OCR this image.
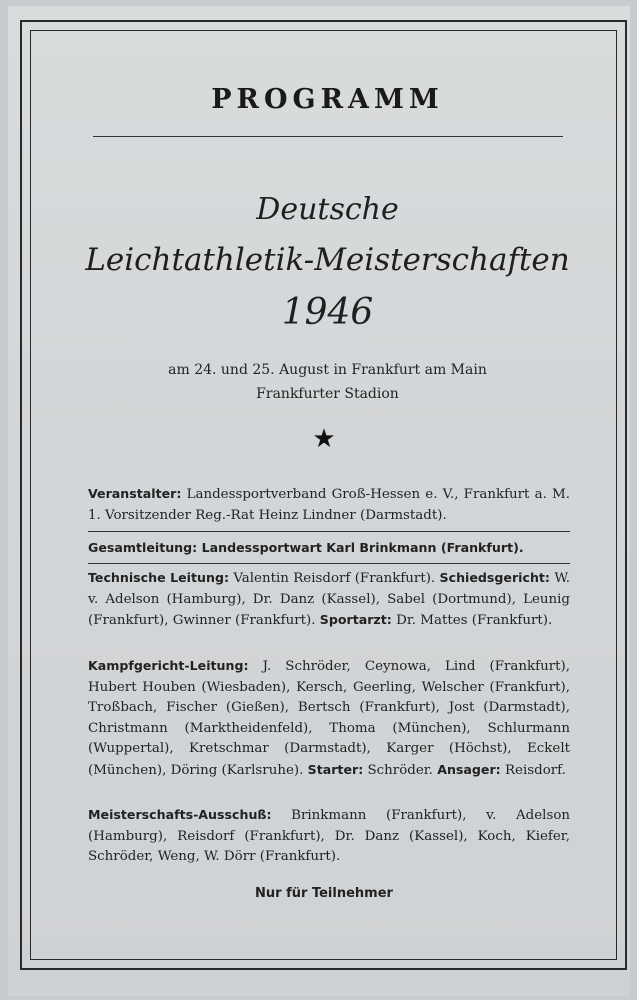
PROGRAMM
Deutsche
Leichtathletik-Meisterschaften
1946
am 24. und 25. August in Frankfurt am Main
Frankfurter Stadion
★
Veranstalter: Landessportverband Groß-Hessen e. V., Frankfurt a. M. 1. Vorsitzender Reg.-Rat Heinz Lindner (Darmstadt).
Gesamtleitung: Landessportwart Karl Brinkmann (Frankfurt).
Technische Leitung: Valentin Reisdorf (Frankfurt). Schiedsgericht: W. v. Adelson (Hamburg), Dr. Danz (Kassel), Sabel (Dortmund), Leunig (Frankfurt), Gwinner (Frankfurt). Sportarzt: Dr. Mattes (Frankfurt).
Kampfgericht-Leitung: J. Schröder, Ceynowa, Lind (Frankfurt), Hubert Houben (Wiesbaden), Kersch, Geerling, Welscher (Frankfurt), Troßbach, Fischer (Gießen), Bertsch (Frankfurt), Jost (Darmstadt), Christmann (Marktheidenfeld), Thoma (München), Schlurmann (Wuppertal), Kretschmar (Darmstadt), Karger (Höchst), Eckelt (München), Döring (Karlsruhe). Starter: Schröder. Ansager: Reisdorf.
Meisterschafts-Ausschuß: Brinkmann (Frankfurt), v. Adelson (Hamburg), Reisdorf (Frankfurt), Dr. Danz (Kassel), Koch, Kiefer, Schröder, Weng, W. Dörr (Frankfurt).
Nur für Teilnehmer
